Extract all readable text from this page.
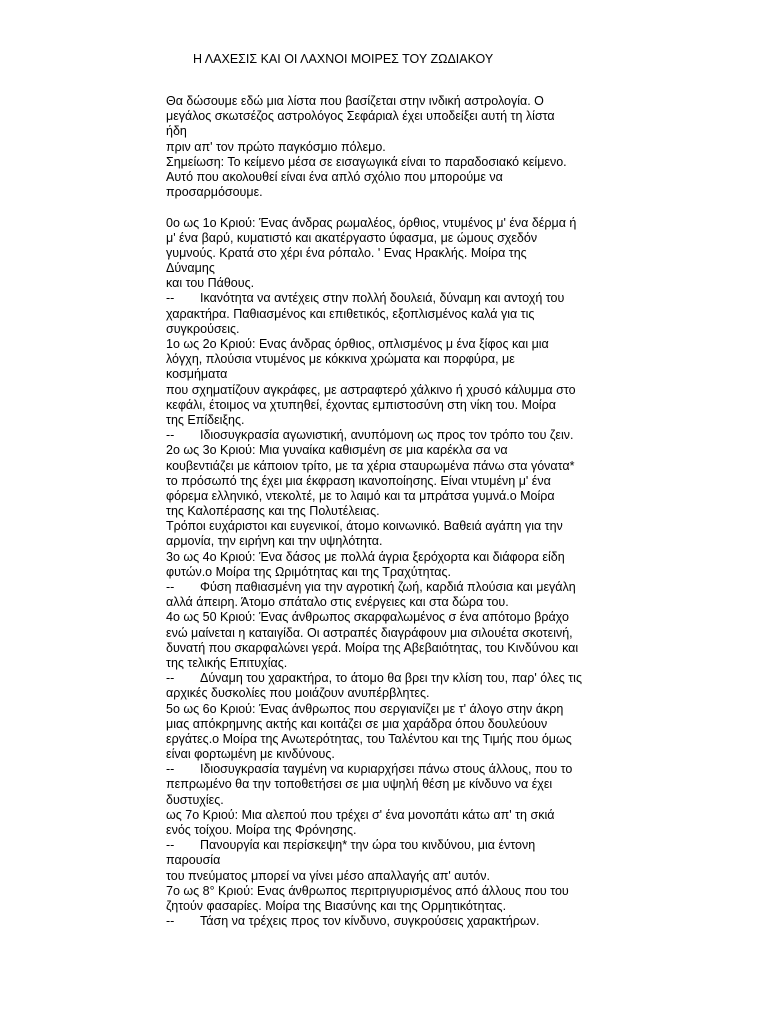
Η ΛΑΧΕΣΙΣ ΚΑΙ ΟΙ ΛΑΧΝΟΙ ΜΟΙΡΕΣ ΤΟΥ ΖΩΔΙΑΚΟΥ
Θα δώσουμε εδώ μια λίστα που βασίζεται στην ινδική αστρολογία. Ο
μεγάλος σκωτσέζος αστρολόγος Σεφάριαλ έχει υποδείξει αυτή τη λίστα
ήδη
πριν απ' τον πρώτο παγκόσμιο πόλεμο.
Σημείωση: Το κείμενο μέσα σε εισαγωγικά είναι το παραδοσιακό κείμενο.
Αυτό που ακολουθεί είναι ένα απλό σχόλιο που μπορούμε να
προσαρμόσουμε.
0ο ως 1ο Κριού: Ένας άνδρας ρωμαλέος, όρθιος, ντυμένος μ' ένα δέρμα ή
μ' ένα βαρύ, κυματιστό και ακατέργαστο ύφασμα, με ώμους σχεδόν
γυμνούς. Κρατά στο χέρι ένα ρόπαλο. ' Ενας Ηρακλής. Μοίρα της
Δύναμης
και του Πάθους.
-- Ικανότητα να αντέχεις στην πολλή δουλειά, δύναμη και αντοχή του
χαρακτήρα. Παθιασμένος και επιθετικός, εξοπλισμένος καλά για τις
συγκρούσεις.
1ο ως 2ο Κριού: Ενας άνδρας όρθιος, οπλισμένος μ ένα ξίφος και μια
λόγχη, πλούσια ντυμένος με κόκκινα χρώματα και πορφύρα, με
κοσμήματα
που σχηματίζουν αγκράφες, με αστραφτερό χάλκινο ή χρυσό κάλυμμα στο
κεφάλι, έτοιμος να χτυπηθεί, έχοντας εμπιστοσύνη στη νίκη του. Μοίρα
της Επίδειξης.
-- Ιδιοσυγκρασία αγωνιστική, ανυπόμονη ως προς τον τρόπο του ζειν.
2ο ως 3ο Κριού: Μια γυναίκα καθισμένη σε μια καρέκλα σα να
κουβεντιάζει με κάποιον τρίτο, με τα χέρια σταυρωμένα πάνω στα γόνατα*
το πρόσωπό της έχει μια έκφραση ικανοποίησης. Είναι ντυμένη μ' ένα
φόρεμα ελληνικό, ντεκολτέ, με το λαιμό και τα μπράτσα γυμνά.ο Μοίρα
της Καλοπέρασης και της Πολυτέλειας.
Τρόποι ευχάριστοι και ευγενικοί, άτομο κοινωνικό. Βαθειά αγάπη για την
αρμονία, την ειρήνη και την υψηλότητα.
3ο ως 4ο Κριού: Ένα δάσος με πολλά άγρια ξερόχορτα και διάφορα είδη
φυτών.ο Μοίρα της Ωριμότητας και της Τραχύτητας.
-- Φύση παθιασμένη για την αγροτική ζωή, καρδιά πλούσια και μεγάλη
αλλά άπειρη. Άτομο σπάταλο στις ενέργειες και στα δώρα του.
4ο ως 50 Κριού: Ένας άνθρωπος σκαρφαλωμένος σ ένα απότομο βράχο
ενώ μαίνεται η καταιγίδα. Οι αστραπές διαγράφουν μια σιλουέτα σκοτεινή,
δυνατή που σκαρφαλώνει γερά. Μοίρα της Αβεβαιότητας, του Κινδύνου και
της τελικής Επιτυχίας.
-- Δύναμη του χαρακτήρα, το άτομο θα βρει την κλίση του, παρ' όλες τις
αρχικές δυσκολίες που μοιάζουν ανυπέρβλητες.
5ο ως 6ο Κριού: Ένας άνθρωπος που σεργιανίζει με τ' άλογο στην άκρη
μιας απόκρημνης ακτής και κοιτάζει σε μια χαράδρα όπου δουλεύουν
εργάτες.ο Μοίρα της Ανωτερότητας, του Ταλέντου και της Τιμής που όμως
είναι φορτωμένη με κινδύνους.
-- Ιδιοσυγκρασία ταγμένη να κυριαρχήσει πάνω στους άλλους, που το
πεπρωμένο θα την τοποθετήσει σε μια υψηλή θέση με κίνδυνο να έχει
δυστυχίες.
ως 7ο Κριού: Μια αλεπού που τρέχει σ' ένα μονοπάτι κάτω απ' τη σκιά
ενός τοίχου. Μοίρα της Φρόνησης.
-- Πανουργία και περίσκεψη* την ώρα του κινδύνου, μια έντονη
παρουσία
του πνεύματος μπορεί να γίνει μέσο απαλλαγής απ' αυτόν.
7ο ως 8° Κριού: Ενας άνθρωπος περιτριγυρισμένος από άλλους που του
ζητούν φασαρίες. Μοίρα της Βιασύνης και της Ορμητικότητας.
-- Τάση να τρέχεις προς τον κίνδυνο, συγκρούσεις χαρακτήρων.
